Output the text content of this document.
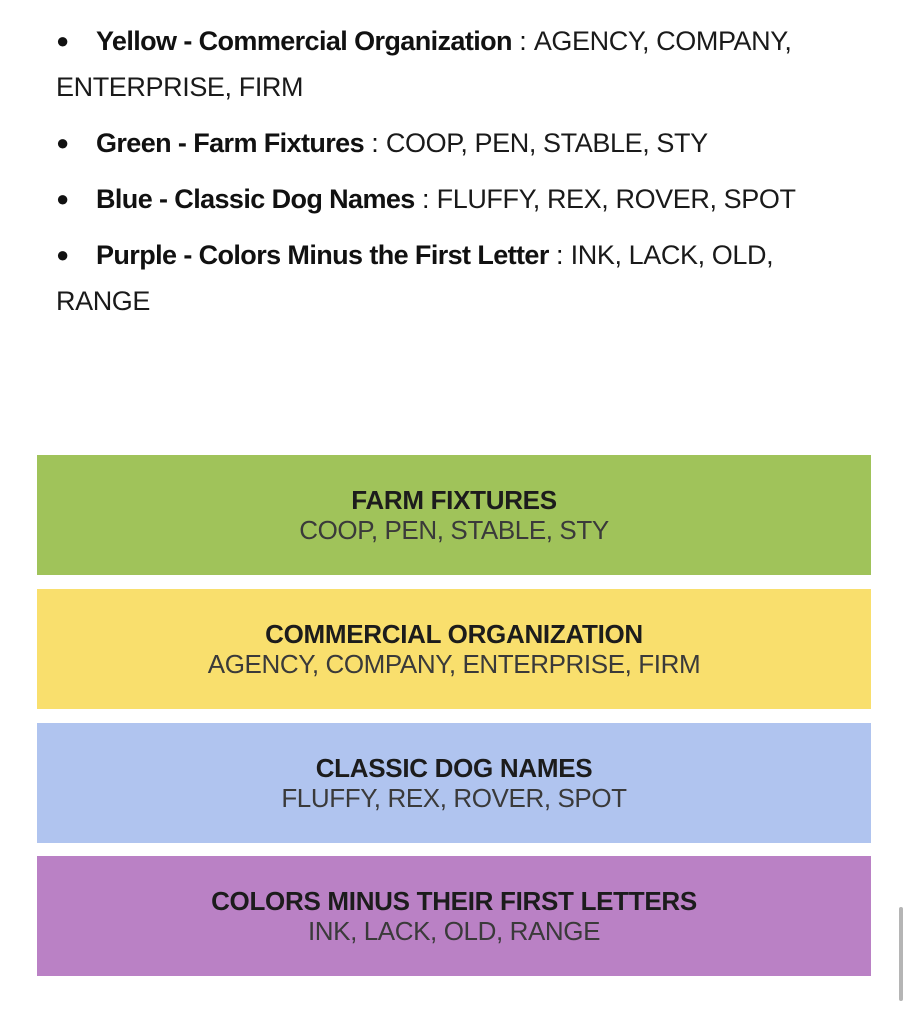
● Yellow - Commercial Organization : AGENCY, COMPANY, ENTERPRISE, FIRM
● Green - Farm Fixtures : COOP, PEN, STABLE, STY
● Blue - Classic Dog Names : FLUFFY, REX, ROVER, SPOT
● Purple - Colors Minus the First Letter : INK, LACK, OLD, RANGE
FARM FIXTURES
COOP, PEN, STABLE, STY
COMMERCIAL ORGANIZATION
AGENCY, COMPANY, ENTERPRISE, FIRM
CLASSIC DOG NAMES
FLUFFY, REX, ROVER, SPOT
COLORS MINUS THEIR FIRST LETTERS
INK, LACK, OLD, RANGE
